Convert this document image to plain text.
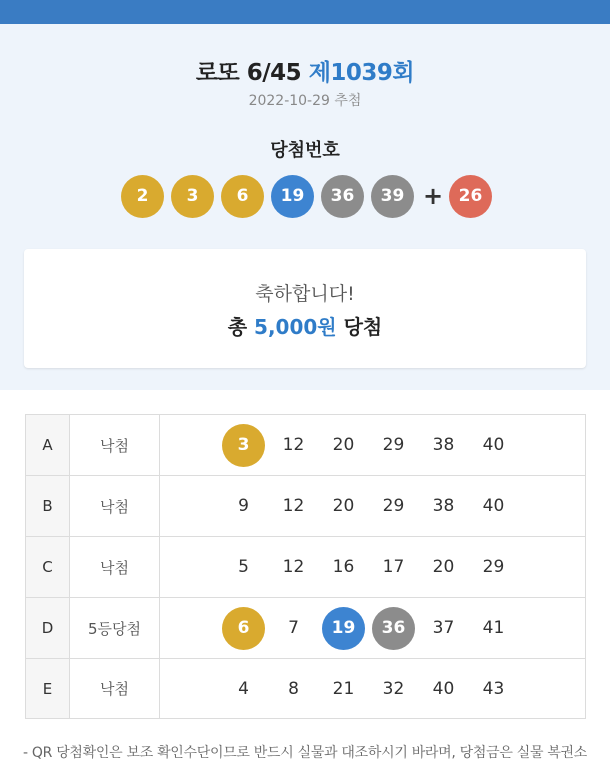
로또 6/45 제1039회
2022-10-29 추첨
당첨번호
2	3	6	19	36	39 + 26
축하합니다!
총 5,000원 당첨
A	낙첨	3	12	20	29	38	40
B	낙첨	9	12	20	29	38	40
C	낙첨	5	12	16	17	20	29
D	5등당첨	6	7	19	36	37	41
E	낙첨	4	8	21	32	40	43
- QR 당첨확인은 보조 확인수단이므로 반드시 실물과 대조하시기 바라며, 당첨금은 실물 복권소
